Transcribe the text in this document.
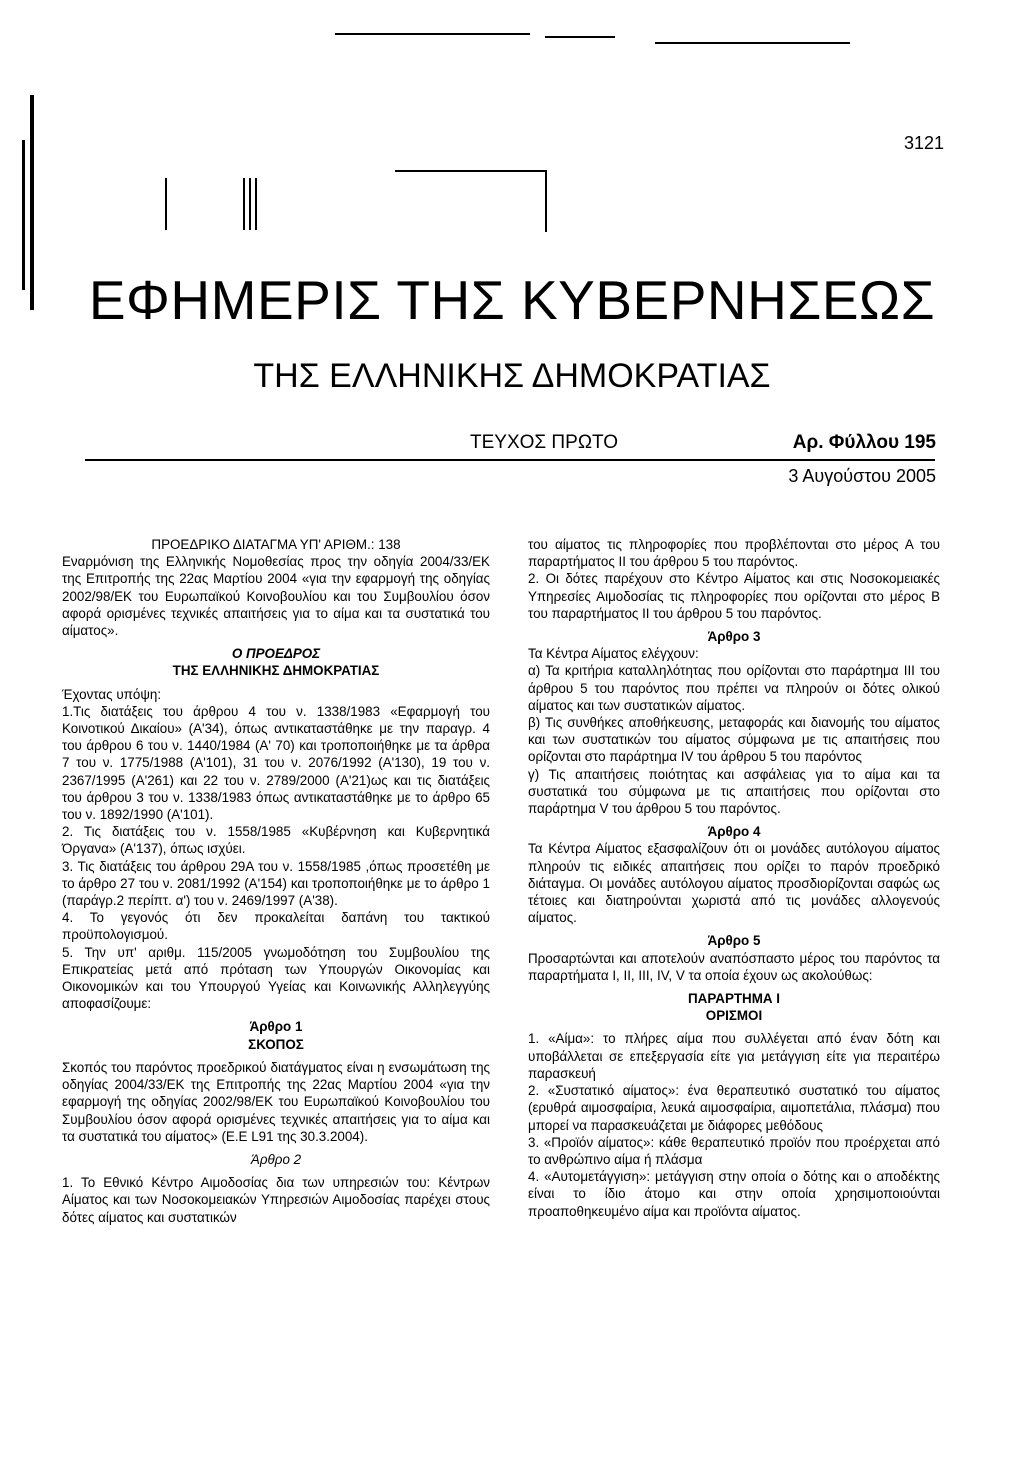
3121
ΕΦΗΜΕΡΙΣ ΤΗΣ ΚΥΒΕΡΝΗΣΕΩΣ
ΤΗΣ ΕΛΛΗΝΙΚΗΣ ΔΗΜΟΚΡΑΤΙΑΣ
ΤΕΥΧΟΣ ΠΡΩΤΟ	Αρ. Φύλλου 195
3 Αυγούστου 2005

ΠΡΟΕΔΡΙΚΟ ΔΙΑΤΑΓΜΑ ΥΠ' ΑΡΙΘΜ.: 138

Εναρμόνιση της Ελληνικής Νομοθεσίας προς την οδηγία 2004/33/ΕΚ της Επιτροπής της 22ας Μαρτίου 2004 «για την εφαρμογή της οδηγίας 2002/98/ΕΚ του Ευρωπαϊκού Κοινοβουλίου και του Συμβουλίου όσον αφορά ορισμένες τεχνικές απαιτήσεις για το αίμα και τα συστατικά του αίματος».

Ο ΠΡΟΕΔΡΟΣ

ΤΗΣ ΕΛΛΗΝΙΚΗΣ ΔΗΜΟΚΡΑΤΙΑΣ

Έχοντας υπόψη:

1.Τις διατάξεις του άρθρου 4 του ν. 1338/1983 «Εφαρμογή του Κοινοτικού Δικαίου» (Α'34), όπως αντικαταστάθηκε με την παραγρ. 4 του άρθρου 6 του ν. 1440/1984 (Α' 70) και τροποποιήθηκε με τα άρθρα 7 του ν. 1775/1988 (Α'101), 31 του ν. 2076/1992 (Α'130), 19 του ν. 2367/1995 (Α'261) και 22 του ν. 2789/2000 (Α'21)ως και τις διατάξεις του άρθρου 3 του ν. 1338/1983 όπως αντικαταστάθηκε με το άρθρο 65 του ν. 1892/1990 (Α'101).

2. Τις διατάξεις του ν. 1558/1985 «Κυβέρνηση και Κυβερνητικά Όργανα» (Α'137), όπως ισχύει.

3. Τις διατάξεις του άρθρου 29Α του ν. 1558/1985 ,όπως προσετέθη με το άρθρο 27 του ν. 2081/1992 (Α'154) και τροποποιήθηκε με το άρθρο 1 (παράγρ.2 περίπτ. α') του ν. 2469/1997 (Α'38).

4. Το γεγονός ότι δεν προκαλείται δαπάνη του τακτικού προϋπολογισμού.

5. Την υπ' αριθμ. 115/2005 γνωμοδότηση του Συμβουλίου της Επικρατείας μετά από πρόταση των Υπουργών Οικονομίας και Οικονομικών και του Υπουργού Υγείας και Κοινωνικής Αλληλεγγύης αποφασίζουμε:

Άρθρο 1

ΣΚΟΠΟΣ

Σκοπός του παρόντος προεδρικού διατάγματος είναι η ενσωμάτωση της οδηγίας 2004/33/ΕΚ της Επιτροπής της 22ας Μαρτίου 2004 «για την εφαρμογή της οδηγίας 2002/98/ΕΚ του Ευρωπαϊκού Κοινοβουλίου του Συμβουλίου όσον αφορά ορισμένες τεχνικές απαιτήσεις για το αίμα και τα συστατικά του αίματος» (Ε.Ε L91 της 30.3.2004).

Άρθρο 2

1. Το Εθνικό Κέντρο Αιμοδοσίας δια των υπηρεσιών του: Κέντρων Αίματος και των Νοσοκομειακών Υπηρεσιών Αιμοδοσίας παρέχει στους δότες αίματος και συστατικών

του αίματος τις πληροφορίες που προβλέπονται στο μέρος Α του παραρτήματος II του άρθρου 5 του παρόντος.

2. Οι δότες παρέχουν στο Κέντρο Αίματος και στις Νοσοκομειακές Υπηρεσίες Αιμοδοσίας τις πληροφορίες που ορίζονται στο μέρος Β του παραρτήματος II του άρθρου 5 του παρόντος.

Άρθρο 3

Τα Κέντρα Αίματος ελέγχουν:

α) Τα κριτήρια καταλληλότητας που ορίζονται στο παράρτημα III του άρθρου 5 του παρόντος που πρέπει να πληρούν οι δότες ολικού αίματος και των συστατικών αίματος.

β) Τις συνθήκες αποθήκευσης, μεταφοράς και διανομής του αίματος και των συστατικών του αίματος σύμφωνα με τις απαιτήσεις που ορίζονται στο παράρτημα IV του άρθρου 5 του παρόντος

γ) Τις απαιτήσεις ποιότητας και ασφάλειας για το αίμα και τα συστατικά του σύμφωνα με τις απαιτήσεις που ορίζονται στο παράρτημα V του άρθρου 5 του παρόντος.

Άρθρο 4

Τα Κέντρα Αίματος εξασφαλίζουν ότι οι μονάδες αυτόλογου αίματος πληρούν τις ειδικές απαιτήσεις που ορίζει το παρόν προεδρικό διάταγμα. Οι μονάδες αυτόλογου αίματος προσδιορίζονται σαφώς ως τέτοιες και διατηρούνται χωριστά από τις μονάδες αλλογενούς αίματος.

Άρθρο 5

Προσαρτώνται και αποτελούν αναπόσπαστο μέρος του παρόντος τα παραρτήματα I, II, III, IV, V τα οποία έχουν ως ακολούθως:

ΠΑΡΑΡΤΗΜΑ I

ΟΡΙΣΜΟΙ

1. «Αίμα»: το πλήρες αίμα που συλλέγεται από έναν δότη και υποβάλλεται σε επεξεργασία είτε για μετάγγιση είτε για περαιτέρω παρασκευή

2. «Συστατικό αίματος»: ένα θεραπευτικό συστατικό του αίματος (ερυθρά αιμοσφαίρια, λευκά αιμοσφαίρια, αιμοπετάλια, πλάσμα) που μπορεί να παρασκευάζεται με διάφορες μεθόδους

3. «Προϊόν αίματος»: κάθε θεραπευτικό προϊόν που προέρχεται από το ανθρώπινο αίμα ή πλάσμα

4. «Αυτομετάγγιση»: μετάγγιση στην οποία ο δότης και ο αποδέκτης είναι το ίδιο άτομο και στην οποία χρησιμοποιούνται προαποθηκευμένο αίμα και προϊόντα αίματος.
